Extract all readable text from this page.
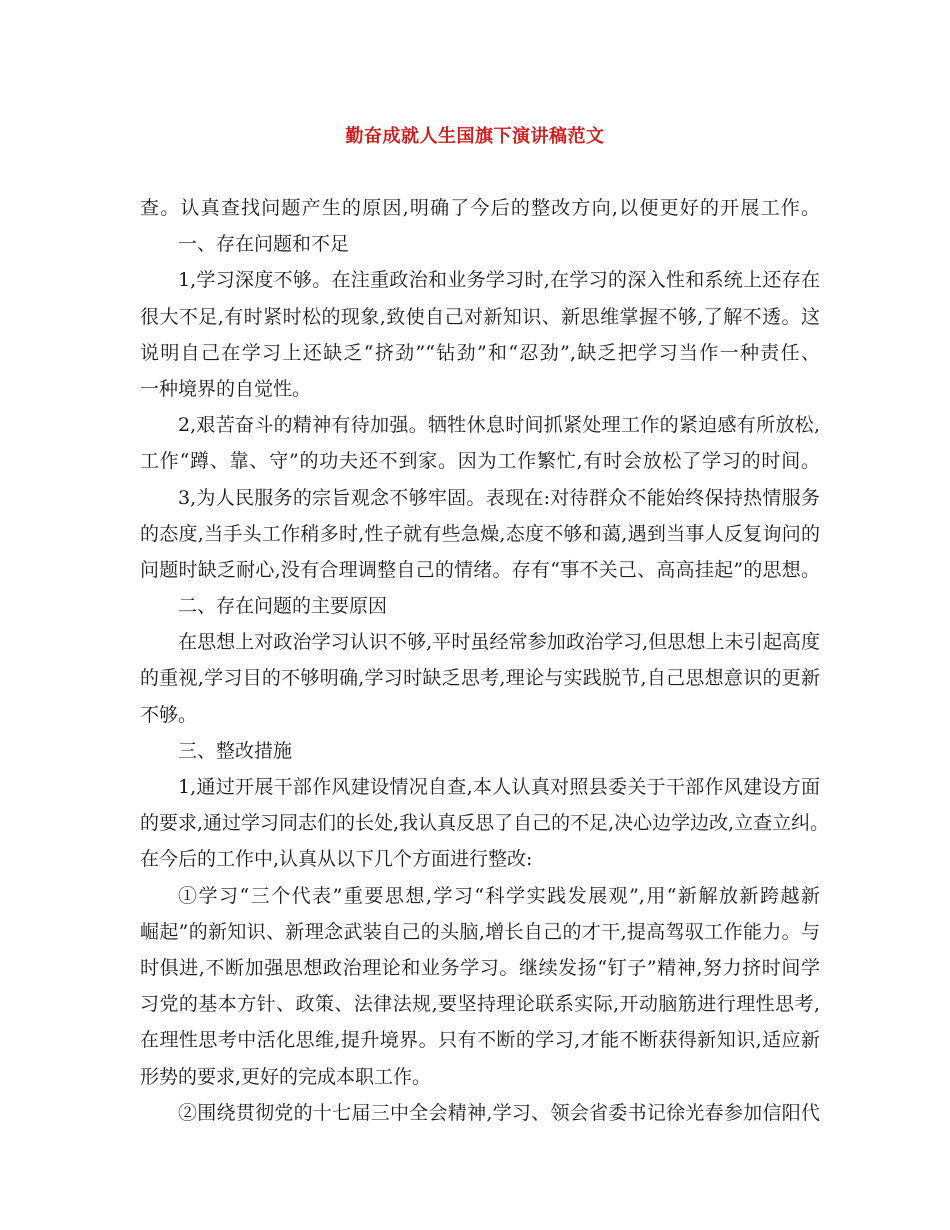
勤奋成就人生国旗下演讲稿范文
查。认真查找问题产生的原因,明确了今后的整改方向,以便更好的开展工作。
一、存在问题和不足
1,学习深度不够。在注重政治和业务学习时,在学习的深入性和系统上还存在
很大不足,有时紧时松的现象,致使自己对新知识、新思维掌握不够,了解不透。这
说明自己在学习上还缺乏“挤劲”“钻劲”和“忍劲”,缺乏把学习当作一种责任、
一种境界的自觉性。
2,艰苦奋斗的精神有待加强。牺牲休息时间抓紧处理工作的紧迫感有所放松,
工作“蹲、靠、守”的功夫还不到家。因为工作繁忙,有时会放松了学习的时间。
3,为人民服务的宗旨观念不够牢固。表现在:对待群众不能始终保持热情服务
的态度,当手头工作稍多时,性子就有些急燥,态度不够和蔼,遇到当事人反复询问的
问题时缺乏耐心,没有合理调整自己的情绪。存有“事不关己、高高挂起”的思想。
二、存在问题的主要原因
在思想上对政治学习认识不够,平时虽经常参加政治学习,但思想上未引起高度
的重视,学习目的不够明确,学习时缺乏思考,理论与实践脱节,自己思想意识的更新
不够。
三、整改措施
1,通过开展干部作风建设情况自查,本人认真对照县委关于干部作风建设方面
的要求,通过学习同志们的长处,我认真反思了自己的不足,决心边学边改,立查立纠。
在今后的工作中,认真从以下几个方面进行整改:
①学习“三个代表”重要思想,学习“科学实践发展观”,用“新解放新跨越新
崛起”的新知识、新理念武装自己的头脑,增长自己的才干,提高驾驭工作能力。与
时俱进,不断加强思想政治理论和业务学习。继续发扬“钉子”精神,努力挤时间学
习党的基本方针、政策、法律法规,要坚持理论联系实际,开动脑筋进行理性思考,
在理性思考中活化思维,提升境界。只有不断的学习,才能不断获得新知识,适应新
形势的要求,更好的完成本职工作。
②围绕贯彻党的十七届三中全会精神,学习、领会省委书记徐光春参加信阳代
